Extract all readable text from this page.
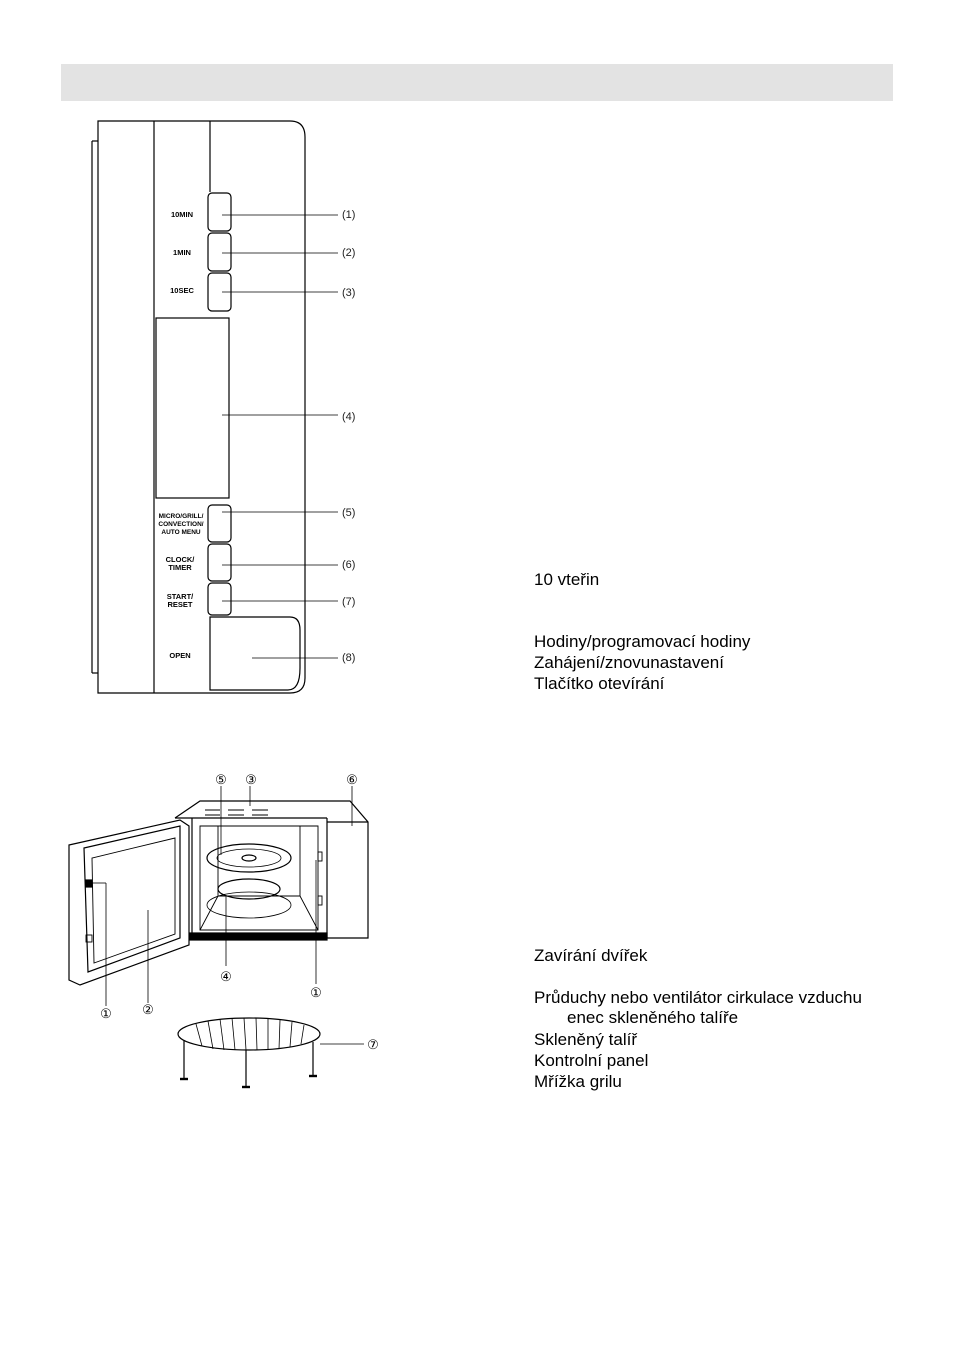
10MIN
1MIN
10SEC
MICRO/GRILL/
CONVECTION/
AUTO MENU
CLOCK/
TIMER
START/
RESET
OPEN
(1)
(2)
(3)
(4)
(5)
(6)
(7)
(8)
⑤ ③	⑥
④
①
②
①
⑦
10 vteřin
Hodiny/programovací hodiny
Zahájení/znovunastavení
Tlačítko otevírání
Zavírání dvířek
Průduchy nebo ventilátor cirkulace vzduchu
enec skleněného talíře
Skleněný talíř
Kontrolní panel
Mřížka grilu
